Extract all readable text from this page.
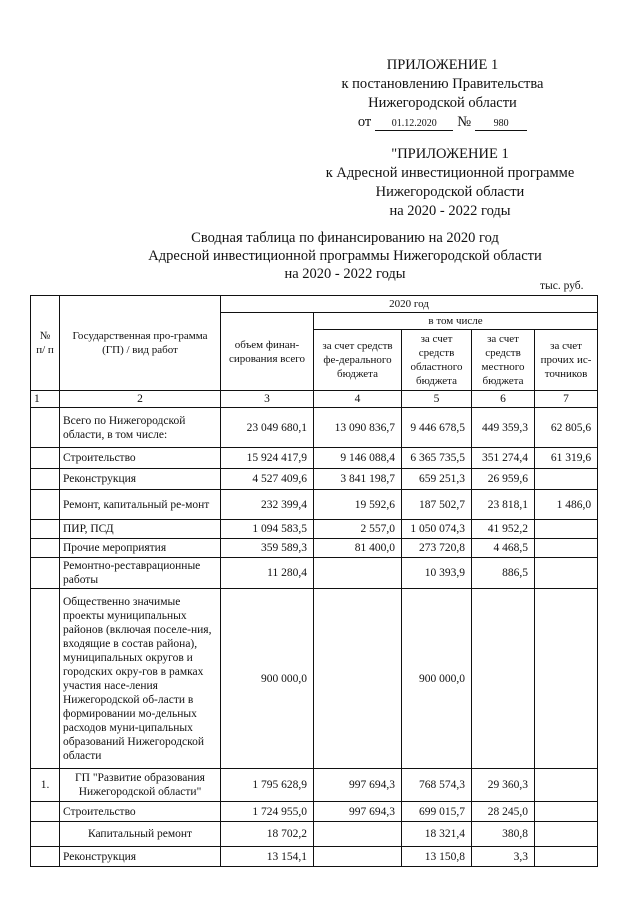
ПРИЛОЖЕНИЕ 1
к постановлению Правительства
Нижегородской области
от	01.12.2020	№	980
"ПРИЛОЖЕНИЕ 1
к Адресной инвестиционной программе
Нижегородской области
на 2020 - 2022 годы
Сводная таблица по финансированию на 2020 год
Адресной инвестиционной программы Нижегородской области
на 2020 - 2022 годы
тыс. руб.
№ п/ п	Государственная про-грамма (ГП) / вид работ	2020 год				
		объем финан-сирования всего	в том числе			
			за счет средств фе-дерального бюджета	за счет средств областного бюджета	за счет средств местного бюджета	за счет прочих ис-точников
1	2	3	4	5	6	7
	Всего по Нижегородской области, в том числе:	23 049 680,1	13 090 836,7	9 446 678,5	449 359,3	62 805,6
	Строительство	15 924 417,9	9 146 088,4	6 365 735,5	351 274,4	61 319,6
	Реконструкция	4 527 409,6	3 841 198,7	659 251,3	26 959,6	
	Ремонт, капитальный ре-монт	232 399,4	19 592,6	187 502,7	23 818,1	1 486,0
	ПИР, ПСД	1 094 583,5	2 557,0	1 050 074,3	41 952,2	
	Прочие мероприятия	359 589,3	81 400,0	273 720,8	4 468,5	
	Ремонтно-реставрационные работы	11 280,4		10 393,9	886,5	
	Общественно значимые проекты муниципальных районов (включая поселе-ния, входящие в состав района), муниципальных округов и городских окру-гов в рамках участия насе-ления Нижегородской об-ласти в формировании мо-дельных расходов муни-ципальных образований Нижегородской области	900 000,0		900 000,0		
1.	ГП "Развитие образования Нижегородской области"	1 795 628,9	997 694,3	768 574,3	29 360,3	
	Строительство	1 724 955,0	997 694,3	699 015,7	28 245,0	
	Капитальный ремонт	18 702,2		18 321,4	380,8	
	Реконструкция	13 154,1		13 150,8	3,3	
